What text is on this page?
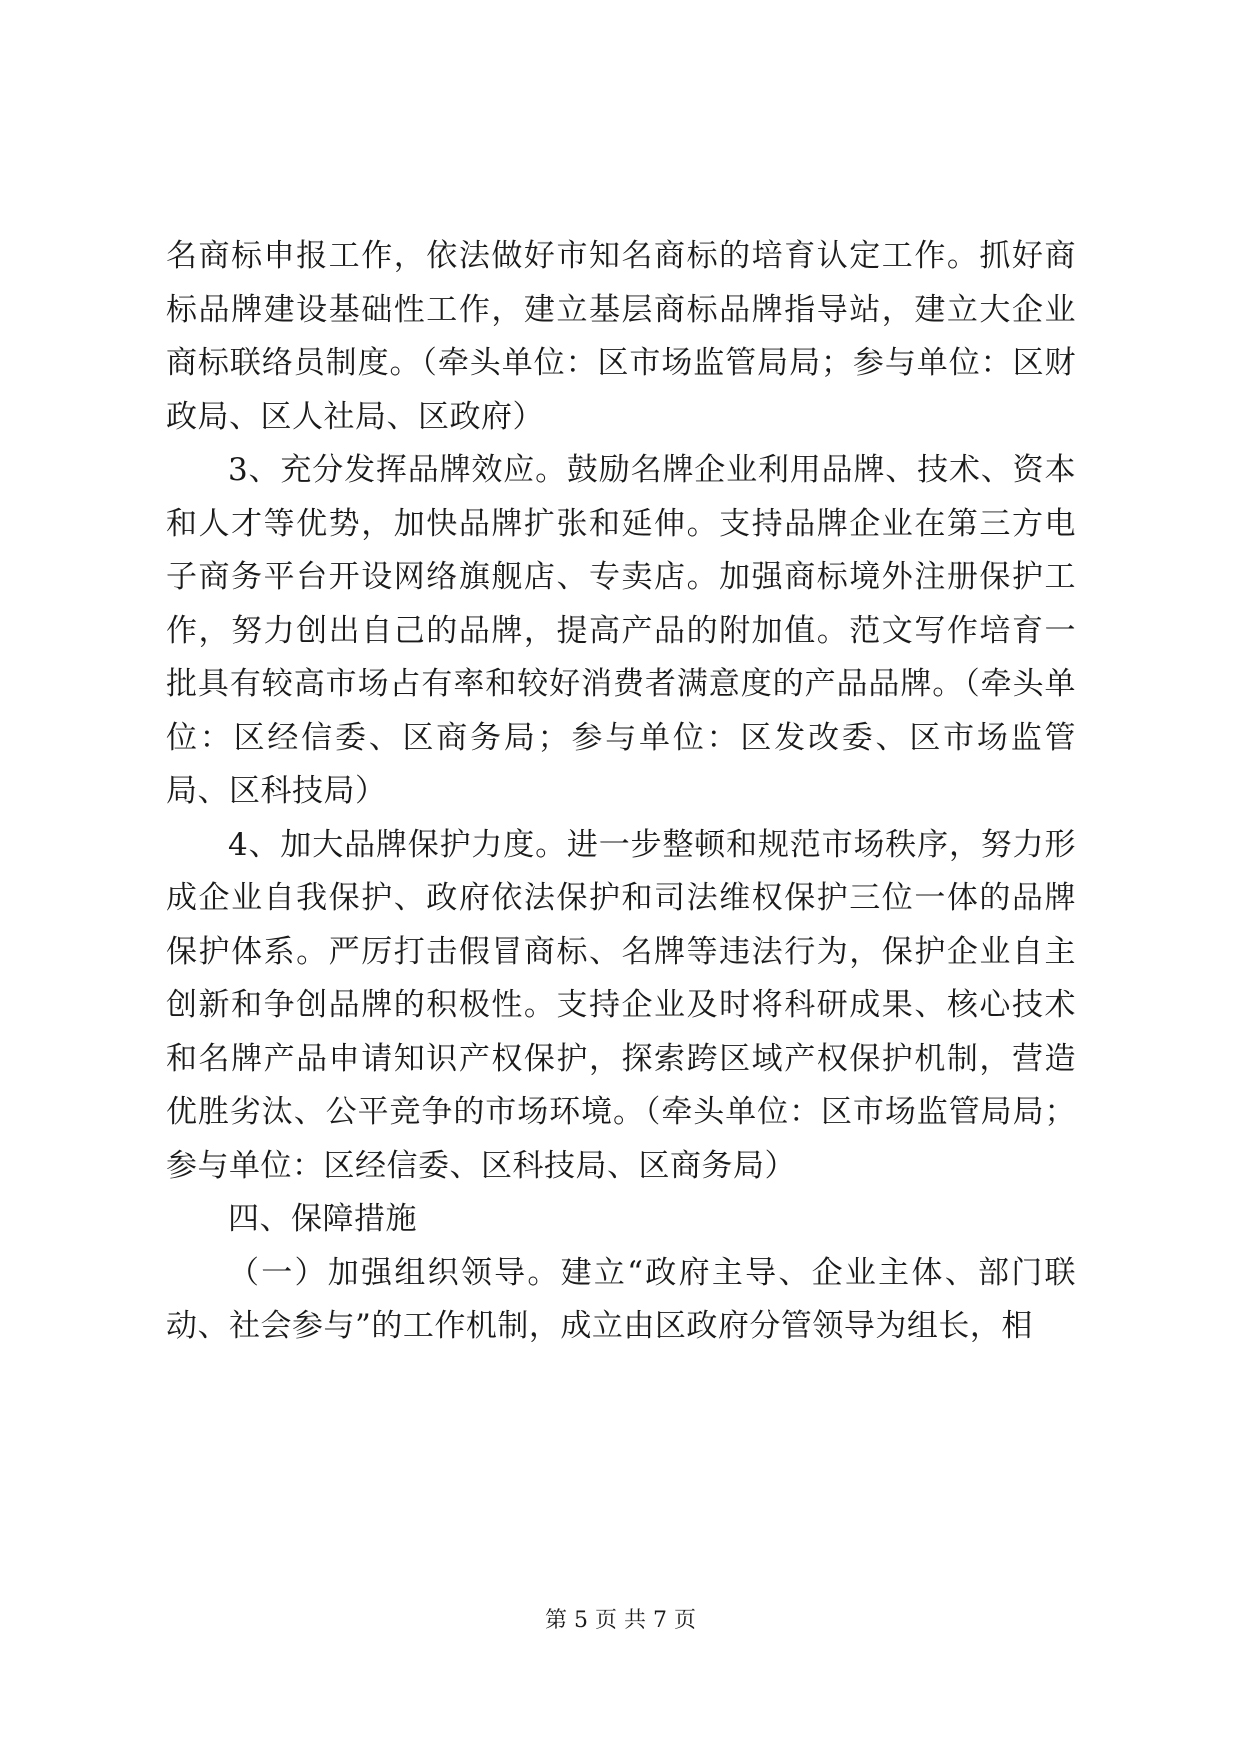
名商标申报工作，依法做好市知名商标的培育认定工作。抓好商标品牌建设基础性工作，建立基层商标品牌指导站，建立大企业商标联络员制度。（牵头单位：区市场监管局局；参与单位：区财政局、区人社局、区政府）

3、充分发挥品牌效应。鼓励名牌企业利用品牌、技术、资本和人才等优势，加快品牌扩张和延伸。支持品牌企业在第三方电子商务平台开设网络旗舰店、专卖店。加强商标境外注册保护工作，努力创出自己的品牌，提高产品的附加值。范文写作培育一批具有较高市场占有率和较好消费者满意度的产品品牌。（牵头单位：区经信委、区商务局；参与单位：区发改委、区市场监管局、区科技局）

4、加大品牌保护力度。进一步整顿和规范市场秩序，努力形成企业自我保护、政府依法保护和司法维权保护三位一体的品牌保护体系。严厉打击假冒商标、名牌等违法行为，保护企业自主创新和争创品牌的积极性。支持企业及时将科研成果、核心技术和名牌产品申请知识产权保护，探索跨区域产权保护机制，营造优胜劣汰、公平竞争的市场环境。（牵头单位：区市场监管局局；参与单位：区经信委、区科技局、区商务局）

四、保障措施

（一）加强组织领导。建立“政府主导、企业主体、部门联动、社会参与”的工作机制，成立由区政府分管领导为组长，相

第 5 页 共 7 页
